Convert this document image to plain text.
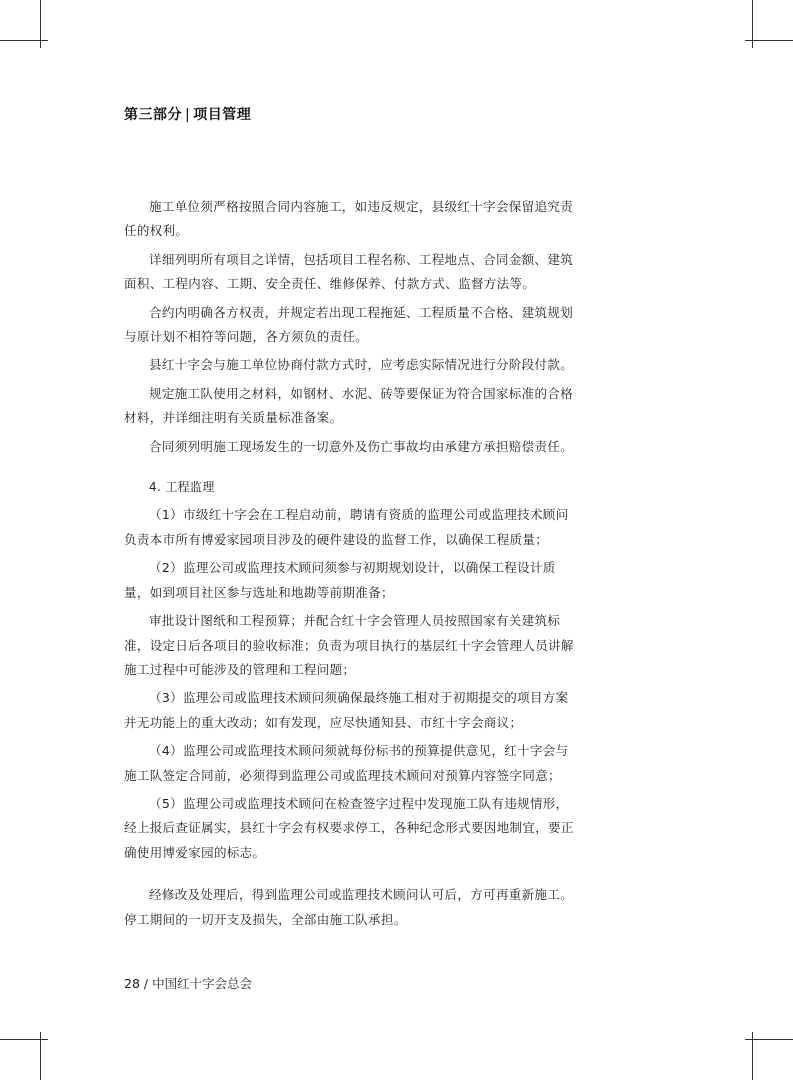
第三部分 | 项目管理

施工单位须严格按照合同内容施工，如违反规定，县级红十字会保留追究责任的权利。

详细列明所有项目之详情，包括项目工程名称、工程地点、合同金额、建筑面积、工程内容、工期、安全责任、维修保养、付款方式、监督方法等。

合约内明确各方权责，并规定若出现工程拖延、工程质量不合格、建筑规划与原计划不相符等问题，各方须负的责任。

县红十字会与施工单位协商付款方式时，应考虑实际情况进行分阶段付款。

规定施工队使用之材料，如钢材、水泥、砖等要保证为符合国家标准的合格材料，并详细注明有关质量标准备案。

合同须列明施工现场发生的一切意外及伤亡事故均由承建方承担赔偿责任。

4. 工程监理

（1）市级红十字会在工程启动前，聘请有资质的监理公司或监理技术顾问负责本市所有博爱家园项目涉及的硬件建设的监督工作，以确保工程质量；

（2）监理公司或监理技术顾问须参与初期规划设计，以确保工程设计质量，如到项目社区参与选址和地勘等前期准备；

审批设计图纸和工程预算；并配合红十字会管理人员按照国家有关建筑标准，设定日后各项目的验收标准；负责为项目执行的基层红十字会管理人员讲解施工过程中可能涉及的管理和工程问题；

（3）监理公司或监理技术顾问须确保最终施工相对于初期提交的项目方案并无功能上的重大改动；如有发现，应尽快通知县、市红十字会商议；

（4）监理公司或监理技术顾问须就每份标书的预算提供意见，红十字会与施工队签定合同前，必须得到监理公司或监理技术顾问对预算内容签字同意；

（5）监理公司或监理技术顾问在检查签字过程中发现施工队有违规情形，经上报后查证属实，县红十字会有权要求停工，各种纪念形式要因地制宜，要正确使用博爱家园的标志。

经修改及处理后，得到监理公司或监理技术顾问认可后，方可再重新施工。停工期间的一切开支及损失，全部由施工队承担。

28 / 中国红十字会总会
